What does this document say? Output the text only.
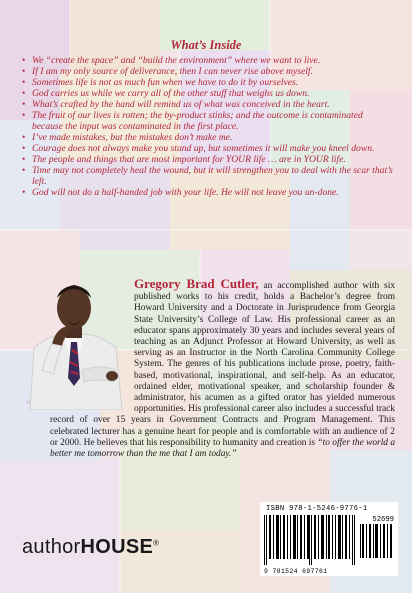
What’s Inside
• We “create the space” and “build the environment” where we want to live.
• If I am my only source of deliverance, then I can never rise above myself.
• Sometimes life is not as much fun when we have to do it by ourselves.
• God carries us while we carry all of the other stuff that weighs us down.
• What’s crafted by the hand will remind us of what was conceived in the heart.
• The fruit of our lives is rotten; the by-product stinks; and the outcome is contaminated because the input was contaminated in the first place.
• I’ve made mistakes, but the mistakes don’t make me.
• Courage does not always make you stand up, but sometimes it will make you kneel down.
• The people and things that are most important for YOUR life … are in YOUR life.
• Time may not completely heal the wound, but it will strengthen you to deal with the scar that’s left.
• God will not do a half-handed job with your life. He will not leave you un-done.
Gregory Brad Cutler, an accomplished author with six published works to his credit, holds a Bachelor’s degree from Howard University and a Doctorate in Jurisprudence from Georgia State University’s College of Law. His professional career as an educator spans approximately 30 years and includes several years of teaching as an Adjunct Professor at Howard University, as well as serving as an Instructor in the North Carolina Community College System. The genres of his publications include prose, poetry, faith-based, motivational, inspirational, and self-help. As an educator, ordained elder, motivational speaker, and scholarship founder & administrator, his acumen as a gifted orator has yielded numerous opportunities. His professional career also includes a successful track record of over 15 years in Government Contracts and Program Management. This celebrated lecturer has a genuine heart for people and is comfortable with an audience of 2 or 2000. He believes that his responsibility to humanity and creation is “to offer the world a better me tomorrow than the me that I am today.”
authorHOUSE®
ISBN 978-1-5246-9776-1
52699
9 781524 697761
